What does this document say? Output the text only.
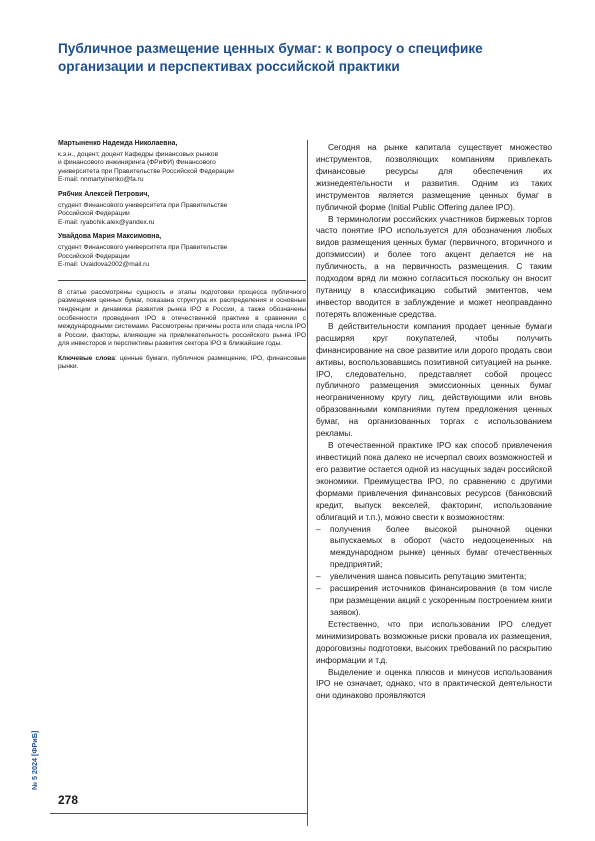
Публичное размещение ценных бумаг: к вопросу о специфике организации и перспективах российской практики
Мартыненко Надежда Николаевна,
к.э.н., доцент, доцент Кафедры финансовых рынков
и финансового инжиниринга (ФРиФИ) Финансового
университета при Правительстве Российской Федерации
E-mail: nnmartyinenko@fa.ru
Рябчик Алексей Петрович,
студент Финансового университета при Правительстве
Российской Федерации
E-mail: ryabchik.alex@yandex.ru
Увайдова Мария Максимовна,
студент Финансового университета при Правительстве
Российской Федерации
E-mail: Uvaidova2002@mail.ru

В статье рассмотрены сущность и этапы подготовки процесса публичного размещения ценных бумаг, показана структура их распределения и основные тенденции и динамика развития рынка IPO в России, а также обозначены особенности проведения IPO в отечественной практике в сравнении с международными системами. Рассмотрены причины роста или спада числа IPO в России, факторы, влияющие на привлекательность российского рынка IPO для инвесторов и перспективы развития сектора IPO в ближайшие годы.

Ключевые слова: ценные бумаги, публичное размещение, IPO, финансовые рынки.

Сегодня на рынке капитала существует множество инструментов, позволяющих компаниям привлекать финансовые ресурсы для обеспечения их жизнедеятельности и развития. Одним из таких инструментов является размещение ценных бумаг в публичной форме (Initial Public Offering далее IPO).

В терминологии российских участников биржевых торгов часто понятие IPO используется для обозначения любых видов размещения ценных бумаг (первичного, вторичного и допэмиссии) и более того акцент делается не на публичность, а на первичность размещения. С таким подходом вряд ли можно согласиться поскольку он вносит путаницу в классификацию событий эмитентов, чем инвестор вводится в заблуждение и может неоправданно потерять вложенные средства.

В действительности компания продает ценные бумаги расширяя круг покупателей, чтобы получить финансирование на свое развитие или дорого продать свои активы, воспользовавшись позитивной ситуацией на рынке. IPO, следовательно, представляет собой процесс публичного размещения эмиссионных ценных бумаг неограниченному кругу лиц, действующими или вновь образованными компаниями путем предложения ценных бумаг, на организованных торгах с использованием рекламы.

В отечественной практике IPO как способ привлечения инвестиций пока далеко не исчерпал своих возможностей и его развитие остается одной из насущных задач российской экономики. Преимущества IPO, по сравнению с другими формами привлечения финансовых ресурсов (банковский кредит, выпуск векселей, факторинг, использование облигаций и т.п.), можно свести к возможностям:

– получения более высокой рыночной оценки выпускаемых в оборот (часто недооцененных на международном рынке) ценных бумаг отечественных предприятий;
– увеличения шанса повысить репутацию эмитента;
– расширения источников финансирования (в том числе при размещении акций с ускоренным построением книги заявок).

Естественно, что при использовании IPO следует минимизировать возможные риски провала их размещения, дороговизны подготовки, высоких требований по раскрытию информации и т.д.

Выделение и оценка плюсов и минусов использования IPO не означает, однако, что в практической деятельности они одинаково проявляются

№ 5 2024 [ФРиБ]
278
